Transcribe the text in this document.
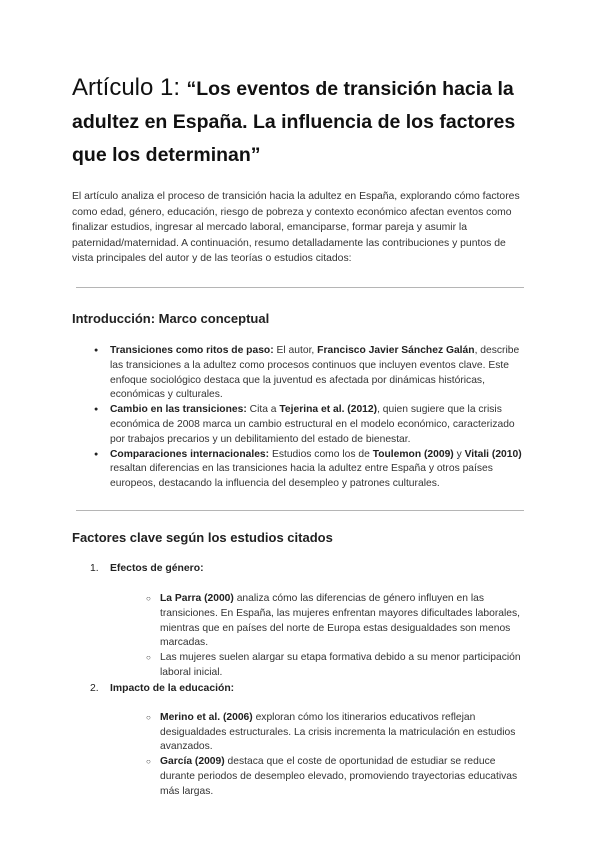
Artículo 1: “Los eventos de transición hacia la adultez en España. La influencia de los factores que los determinan”

El artículo analiza el proceso de transición hacia la adultez en España, explorando cómo factores como edad, género, educación, riesgo de pobreza y contexto económico afectan eventos como finalizar estudios, ingresar al mercado laboral, emanciparse, formar pareja y asumir la paternidad/maternidad. A continuación, resumo detalladamente las contribuciones y puntos de vista principales del autor y de las teorías o estudios citados:

Introducción: Marco conceptual
● Transiciones como ritos de paso: El autor, Francisco Javier Sánchez Galán, describe las transiciones a la adultez como procesos continuos que incluyen eventos clave. Este enfoque sociológico destaca que la juventud es afectada por dinámicas históricas, económicas y culturales.
● Cambio en las transiciones: Cita a Tejerina et al. (2012), quien sugiere que la crisis económica de 2008 marca un cambio estructural en el modelo económico, caracterizado por trabajos precarios y un debilitamiento del estado de bienestar.
● Comparaciones internacionales: Estudios como los de Toulemon (2009) y Vitali (2010) resaltan diferencias en las transiciones hacia la adultez entre España y otros países europeos, destacando la influencia del desempleo y patrones culturales.
Factores clave según los estudios citados
1.	Efectos de género:
○ La Parra (2000) analiza cómo las diferencias de género influyen en las transiciones. En España, las mujeres enfrentan mayores dificultades laborales, mientras que en países del norte de Europa estas desigualdades son menos marcadas.
○ Las mujeres suelen alargar su etapa formativa debido a su menor participación laboral inicial.
2.	Impacto de la educación:
○ Merino et al. (2006) exploran cómo los itinerarios educativos reflejan desigualdades estructurales. La crisis incrementa la matriculación en estudios avanzados.
○ García (2009) destaca que el coste de oportunidad de estudiar se reduce durante periodos de desempleo elevado, promoviendo trayectorias educativas más largas.
